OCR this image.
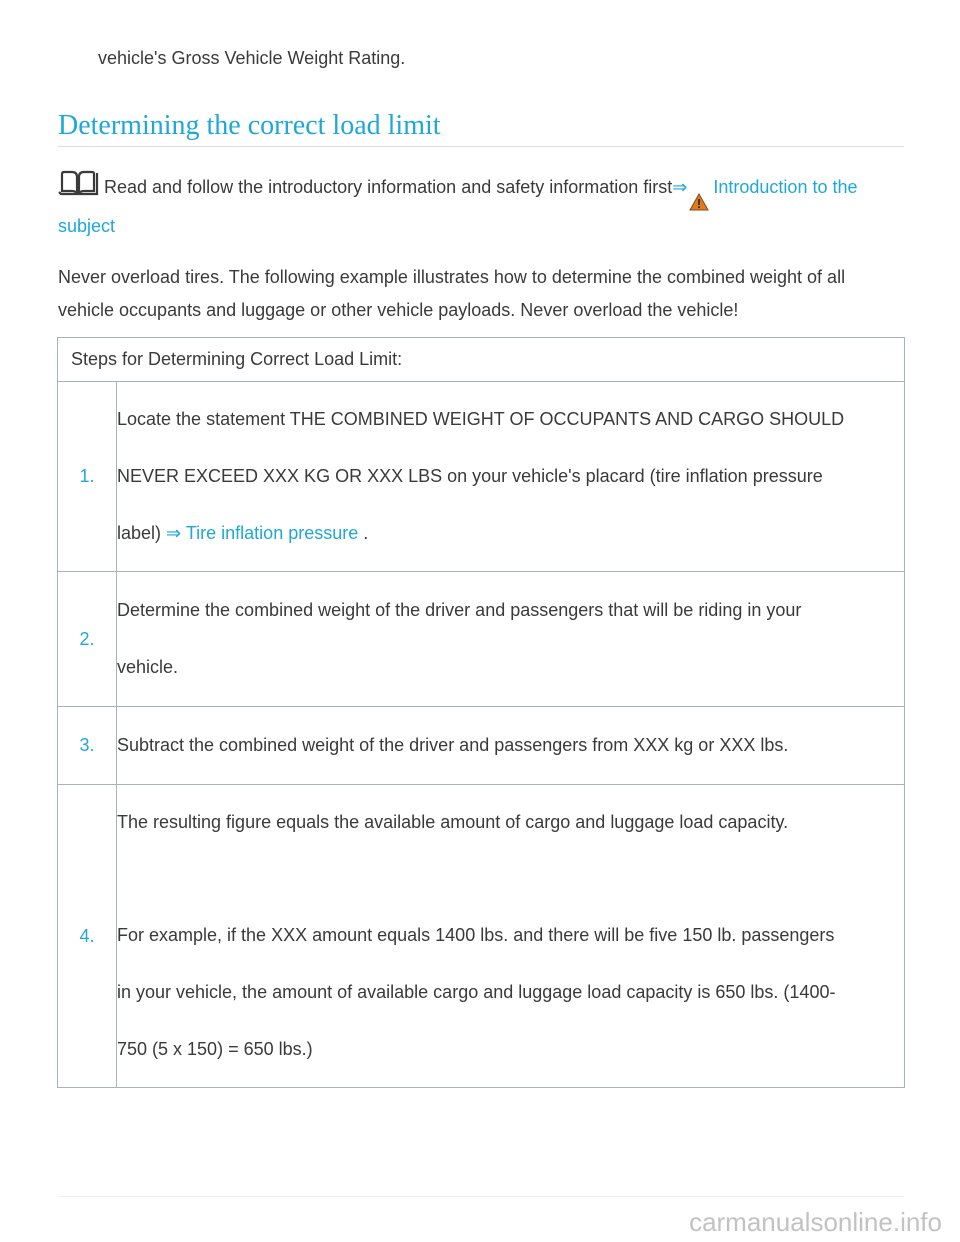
vehicle's Gross Vehicle Weight Rating.

Determining the correct load limit

Read and follow the introductory information and safety information first⇒ Introduction to the subject

Never overload tires. The following example illustrates how to determine the combined weight of all vehicle occupants and luggage or other vehicle payloads. Never overload the vehicle!

Steps for Determining Correct Load Limit:	
1.	Locate the statement THE COMBINED WEIGHT OF OCCUPANTS AND CARGO SHOULD

NEVER EXCEED XXX KG OR XXX LBS on your vehicle's placard (tire inflation pressure

label) ⇒ Tire inflation pressure .

2.	Determine the combined weight of the driver and passengers that will be riding in your

vehicle.

3.	Subtract the combined weight of the driver and passengers from XXX kg or XXX lbs.

4.	The resulting figure equals the available amount of cargo and luggage load capacity.

For example, if the XXX amount equals 1400 lbs. and there will be five 150 lb. passengers

in your vehicle, the amount of available cargo and luggage load capacity is 650 lbs. (1400-

750 (5 x 150) = 650 lbs.)

carmanualsonline.info
